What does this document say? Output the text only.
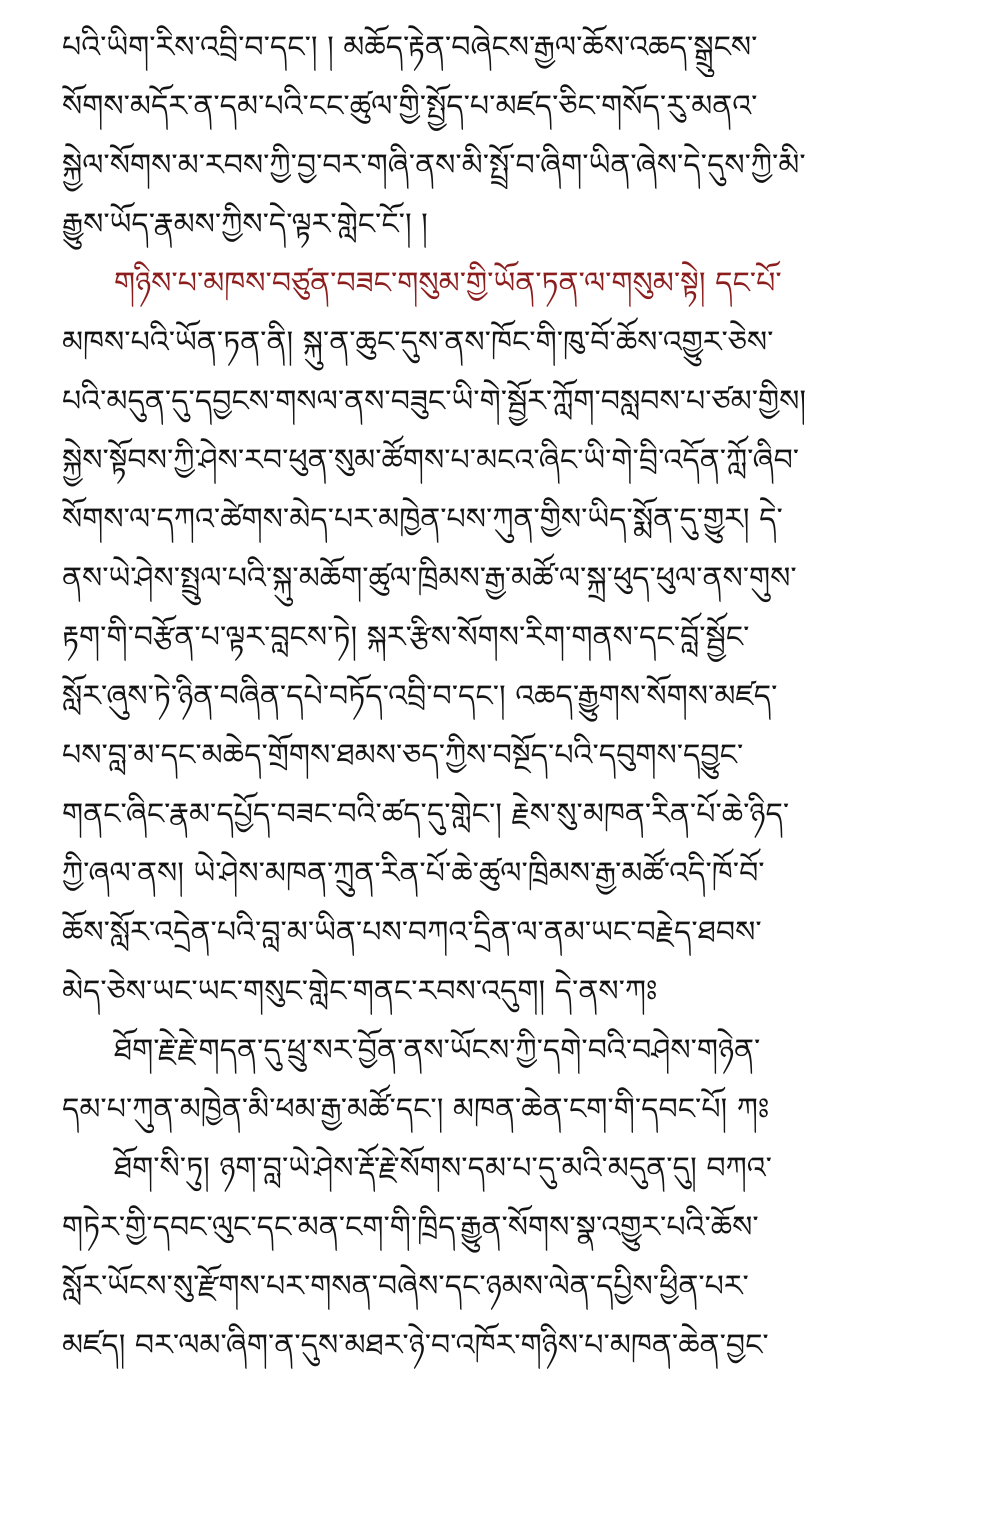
པའི་ཡིག་རིས་འབྲི་བ་དང་། ། མཆོད་རྟེན་བཞེངས་རྒྱལ་ཆོས་འཆད་སྒྲུངས་
སོགས་མདོར་ན་དམ་པའི་ངང་ཚུལ་གྱི་སྤྱོད་པ་མཛད་ཅིང་གསོད་རུ་མནའ་
སྐྱེལ་སོགས་མ་རབས་ཀྱི་བྱ་བར་གཞི་ནས་མི་སྤྲོ་བ་ཞིག་ཡིན་ཞེས་དེ་དུས་ཀྱི་མི་
རྒྱུས་ཡོད་རྣམས་ཀྱིས་དེ་ལྟར་གླེང་ངོ་། །
གཉིས་པ་མཁས་བཙུན་བཟང་གསུམ་གྱི་ཡོན་ཏན་ལ་གསུམ་སྟེ། དང་པོ་
མཁས་པའི་ཡོན་ཏན་ནི། སྐུ་ན་ཆུང་དུས་ནས་ཁོང་གི་ཁུ་བོ་ཆོས་འགྱུར་ཅེས་
པའི་མདུན་དུ་དབྱངས་གསལ་ནས་བཟུང་ཡི་གེ་སྦྱོར་ཀློག་བསླབས་པ་ཙམ་གྱིས།
སྐྱེས་སྟོབས་ཀྱི་ཤེས་རབ་ཕུན་སུམ་ཚོགས་པ་མངའ་ཞིང་ཡི་གེ་བྲི་འདོན་ཀློ་ཞིབ་
སོགས་ལ་དཀའ་ཚེགས་མེད་པར་མཁྱེན་པས་ཀུན་གྱིས་ཡིད་སྨོན་དུ་གྱུར། དེ་
ནས་ཡེ་ཤེས་སྤྲུལ་པའི་སྐུ་མཆོག་ཚུལ་ཁྲིམས་རྒྱ་མཚོ་ལ་སྐྲ་ཕུད་ཕུལ་ནས་གུས་
རྟག་གི་བརྩོན་པ་ལྟར་བླངས་ཏེ། སྐར་རྩིས་སོགས་རིག་གནས་དང་བློ་སྦྱོང་
སློར་ཞུས་ཏེ་ཉིན་བཞིན་དཔེ་བཏོད་འབྲི་བ་དང་། འཆད་རྒྱུགས་སོགས་མཛད་
པས་བླ་མ་དང་མཆེད་གྲོགས་ཐམས་ཅད་ཀྱིས་བསྔོད་པའི་དབུགས་དབྱུང་
གནང་ཞིང་རྣམ་དཔྱོད་བཟང་བའི་ཚད་དུ་གླེང་། རྗེས་སུ་མཁན་རིན་པོ་ཆེ་ཉིད་
ཀྱི་ཞལ་ནས། ཡེ་ཤེས་མཁན་ཀྲུན་རིན་པོ་ཆེ་ཚུལ་ཁྲིམས་རྒྱ་མཚོ་འདི་ཁོ་བོ་
ཆོས་སློར་འདྲེན་པའི་བླ་མ་ཡིན་པས་བཀའ་དྲིན་ལ་ནམ་ཡང་བརྗེད་ཐབས་
མེད་ཅེས་ཡང་ཡང་གསུང་གླེང་གནང་རབས་འདུག། དེ་ནས་ཀཿ
ཐོག་རྗེ་རྗེ་གདན་དུ་ཕྲུ་སར་བྱོན་ནས་ཡོངས་ཀྱི་དགེ་བའི་བཤེས་གཉེན་
དམ་པ་ཀུན་མཁྱེན་མི་ཕམ་རྒྱ་མཚོ་དང་། མཁན་ཆེན་ངག་གི་དབང་པོ། ཀཿ
ཐོག་སི་ཏུ། ཉག་བླ་ཡེ་ཤེས་རྡོ་རྗེ་སོགས་དམ་པ་དུ་མའི་མདུན་དུ། བཀའ་
གཏེར་གྱི་དབང་ལུང་དང་མན་ངག་གི་ཁྲིད་རྒྱུན་སོགས་སྣ་འགྱུར་པའི་ཆོས་
སློར་ཡོངས་སུ་རྫོགས་པར་གསན་བཞེས་དང་ཉམས་ལེན་དཔྱིས་ཕྱིན་པར་
མཛད། བར་ལམ་ཞིག་ན་དུས་མཐར་ཉེ་བ་འཁོར་གཉིས་པ་མཁན་ཆེན་བྱང་
